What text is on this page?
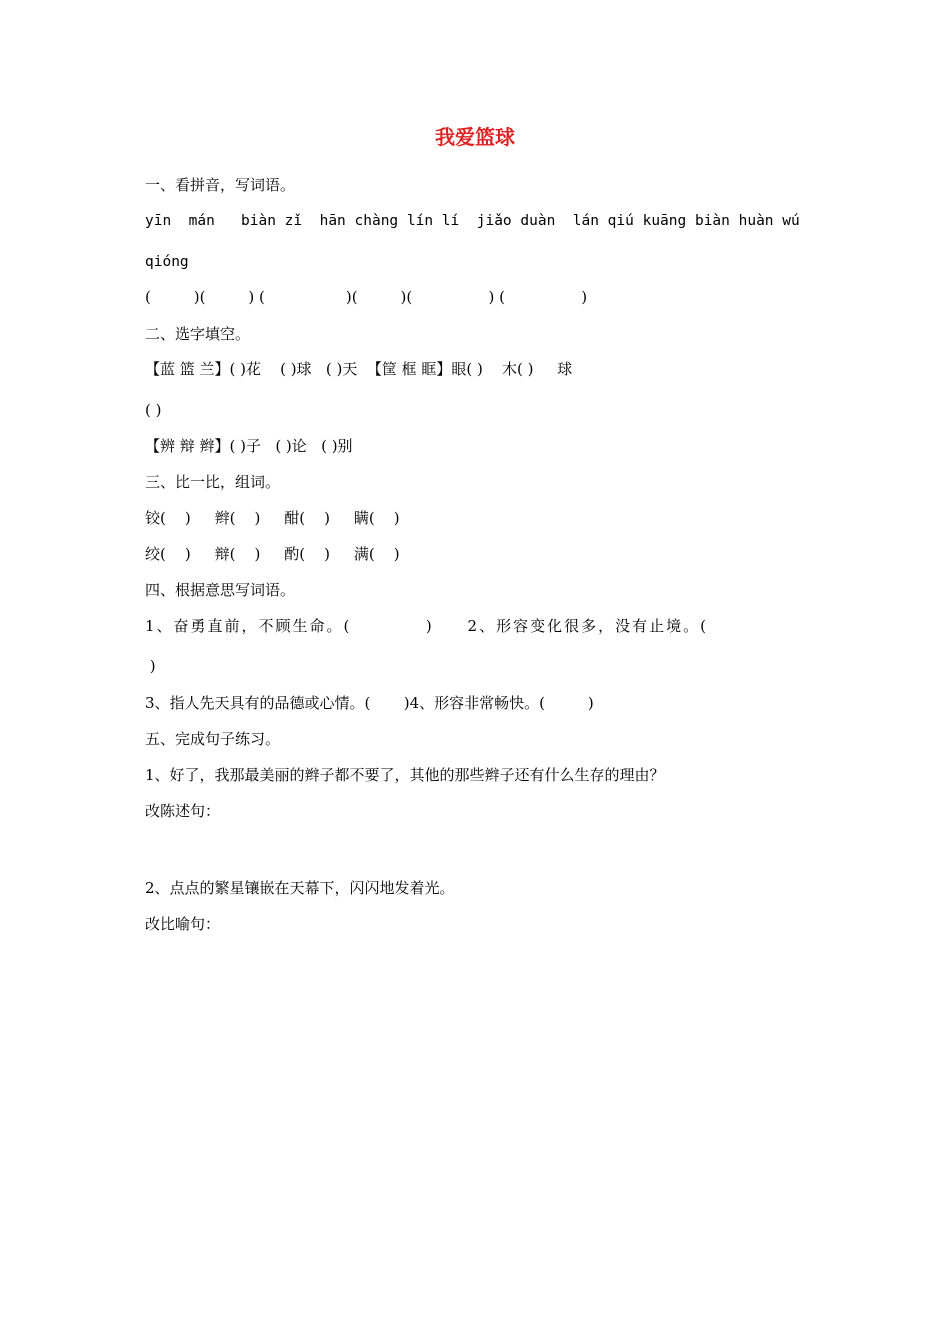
我爱篮球
一、看拼音，写词语。
yīn  mán   biàn zǐ  hān chàng lín lí  jiǎo duàn  lán qiú kuāng biàn huàn wú
qióng
(         )(         ) (                 )(         )(                ) (                )
二、选字填空。
【蓝 篮 兰】( )花    ( )球   ( )天  【筐 框 眶】眼( )    木( )     球
( )
【辨 辩 辫】( )子   ( )论   ( )别
三、比一比，组词。
铰(    )     辫(    )     酣(    )     瞒(    )
绞(    )     辩(    )     酌(    )     满(    )
四、根据意思写词语。
1、奋勇直前，不顾生命。(           )     2、形容变化很多，没有止境。(
)
3、指人先天具有的品德或心情。(       )4、形容非常畅快。(         )
五、完成句子练习。
1、好了，我那最美丽的辫子都不要了，其他的那些辫子还有什么生存的理由？
改陈述句：
2、点点的繁星镶嵌在天幕下，闪闪地发着光。
改比喻句：
